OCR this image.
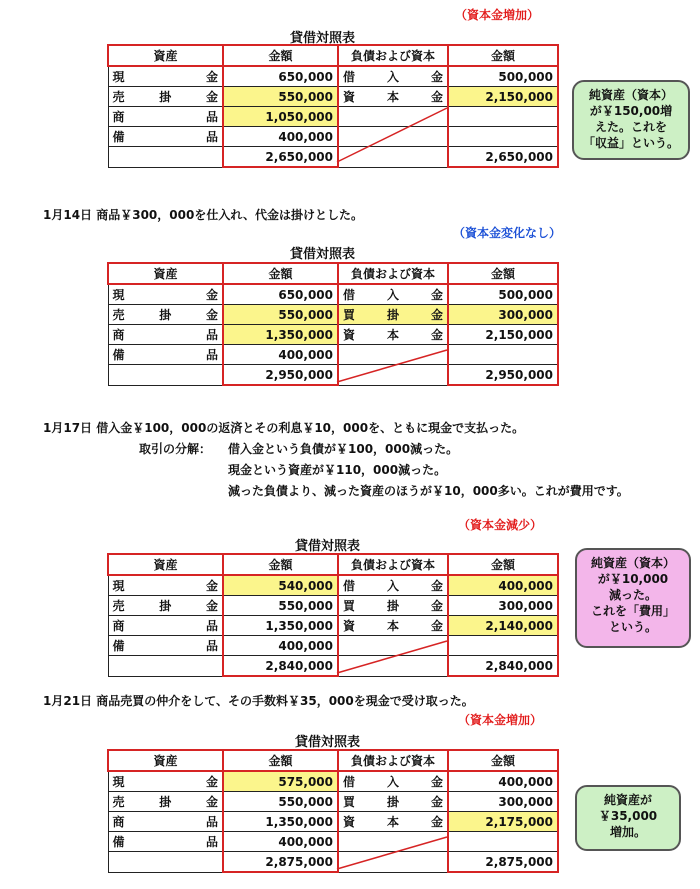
（資本金増加）
貸借対照表
資産	金額	負債および資本	金額
現金	650,000	借入金	500,000
売掛金	550,000	資本金	2,150,000
商品	1,050,000		
備品	400,000		
	2,650,000		2,650,000
純資産（資本）
が￥150,00増
えた。これを
「収益」という。
1月14日 商品￥300，000を仕入れ、代金は掛けとした。
（資本金変化なし）
貸借対照表
資産	金額	負債および資本	金額
現金	650,000	借入金	500,000
売掛金	550,000	買掛金	300,000
商品	1,350,000	資本金	2,150,000
備品	400,000		
	2,950,000		2,950,000
1月17日 借入金￥100，000の返済とその利息￥10，000を、ともに現金で支払った。
取引の分解： 借入金という負債が￥100，000減った。
現金という資産が￥110，000減った。
減った負債より、減った資産のほうが￥10，000多い。これが費用です。
（資本金減少）
貸借対照表
資産	金額	負債および資本	金額
現金	540,000	借入金	400,000
売掛金	550,000	買掛金	300,000
商品	1,350,000	資本金	2,140,000
備品	400,000		
	2,840,000		2,840,000
純資産（資本）
が￥10,000
減った。
これを「費用」
という。
1月21日 商品売買の仲介をして、その手数料￥35，000を現金で受け取った。
（資本金増加）
貸借対照表
資産	金額	負債および資本	金額
現金	575,000	借入金	400,000
売掛金	550,000	買掛金	300,000
商品	1,350,000	資本金	2,175,000
備品	400,000		
	2,875,000		2,875,000
純資産が
￥35,000
増加。
